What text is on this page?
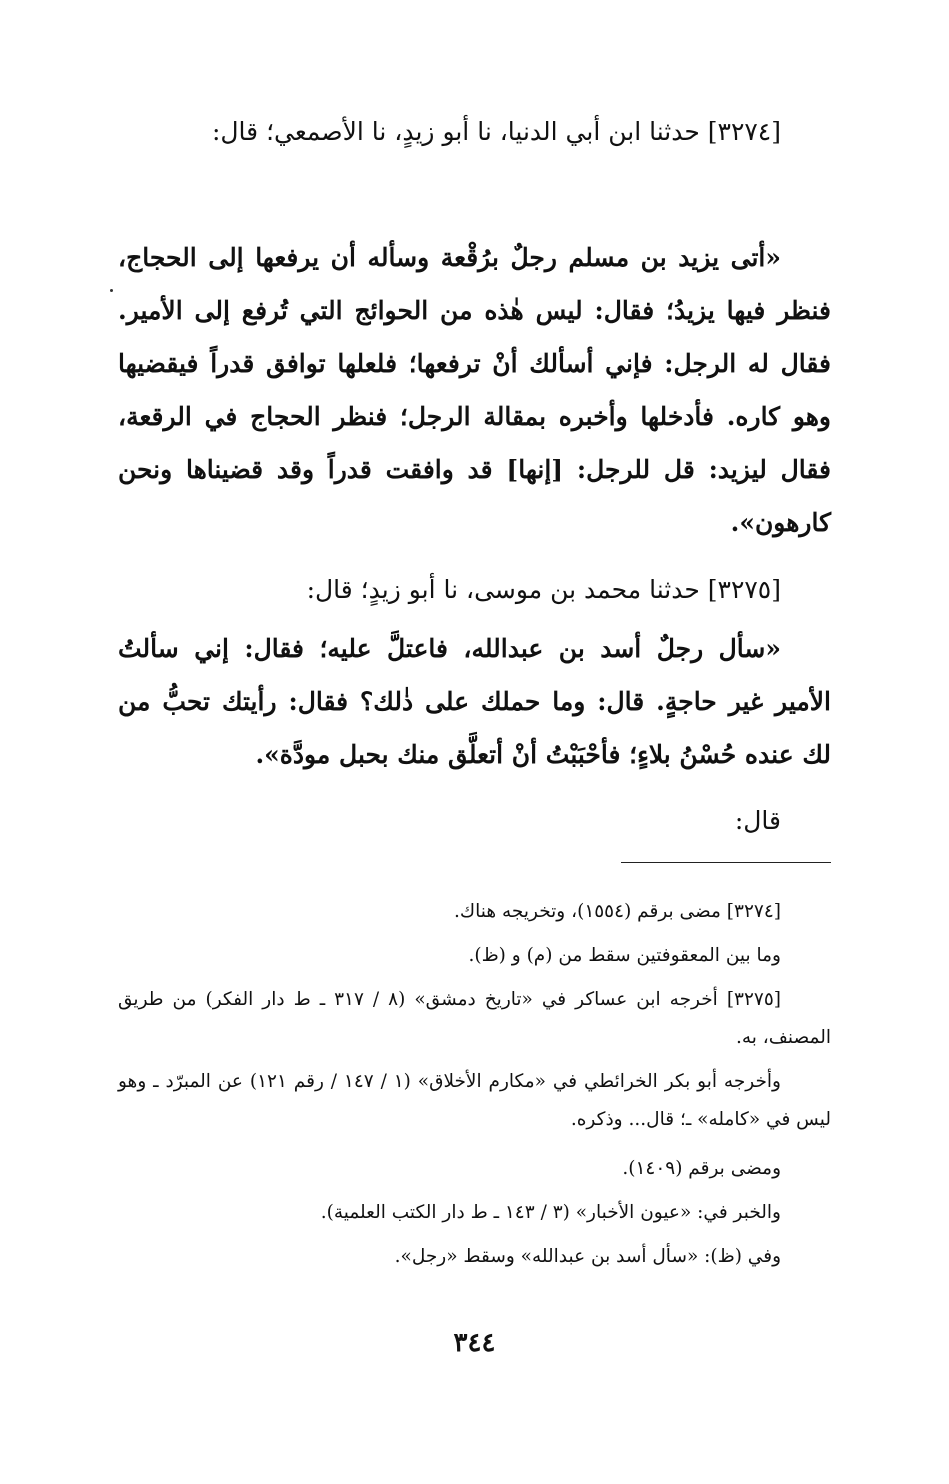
[٣٢٧٤] حدثنا ابن أبي الدنيا، نا أبو زيدٍ، نا الأصمعي؛ قال:
«أتى يزيد بن مسلم رجلٌ برُقْعة وسأله أن يرفعها إلى الحجاج، فنظر فيها يزيدُ؛ فقال: ليس هٰذه من الحوائج التي تُرفع إلى الأمير. فقال له الرجل: فإني أسألك أنْ ترفعها؛ فلعلها توافق قدراً فيقضيها وهو كاره. فأدخلها وأخبره بمقالة الرجل؛ فنظر الحجاج في الرقعة، فقال ليزيد: قل للرجل: [إنها] قد وافقت قدراً وقد قضيناها ونحن كارهون».
[٣٢٧٥] حدثنا محمد بن موسى، نا أبو زيدٍ؛ قال:
«سأل رجلٌ أسد بن عبدالله، فاعتلَّ عليه؛ فقال: إني سألتُ الأمير غير حاجةٍ. قال: وما حملك على ذٰلك؟ فقال: رأيتك تحبُّ من لك عنده حُسْنُ بلاءٍ؛ فأحْبَبْتُ أنْ أتعلَّق منك بحبل مودَّة».
قال:
[٣٢٧٤] مضى برقم (١٥٥٤)، وتخريجه هناك.
وما بين المعقوفتين سقط من (م) و (ظ).
[٣٢٧٥] أخرجه ابن عساكر في «تاريخ دمشق» (٨ / ٣١٧ ـ ط دار الفكر) من طريق المصنف، به.
وأخرجه أبو بكر الخرائطي في «مكارم الأخلاق» (١ / ١٤٧ / رقم ١٢١) عن المبرّد ـ وهو ليس في «كامله» ـ؛ قال... وذكره.
ومضى برقم (١٤٠٩).
والخبر في: «عيون الأخبار» (٣ / ١٤٣ ـ ط دار الكتب العلمية).
وفي (ظ): «سأل أسد بن عبدالله» وسقط «رجل».
٣٤٤
